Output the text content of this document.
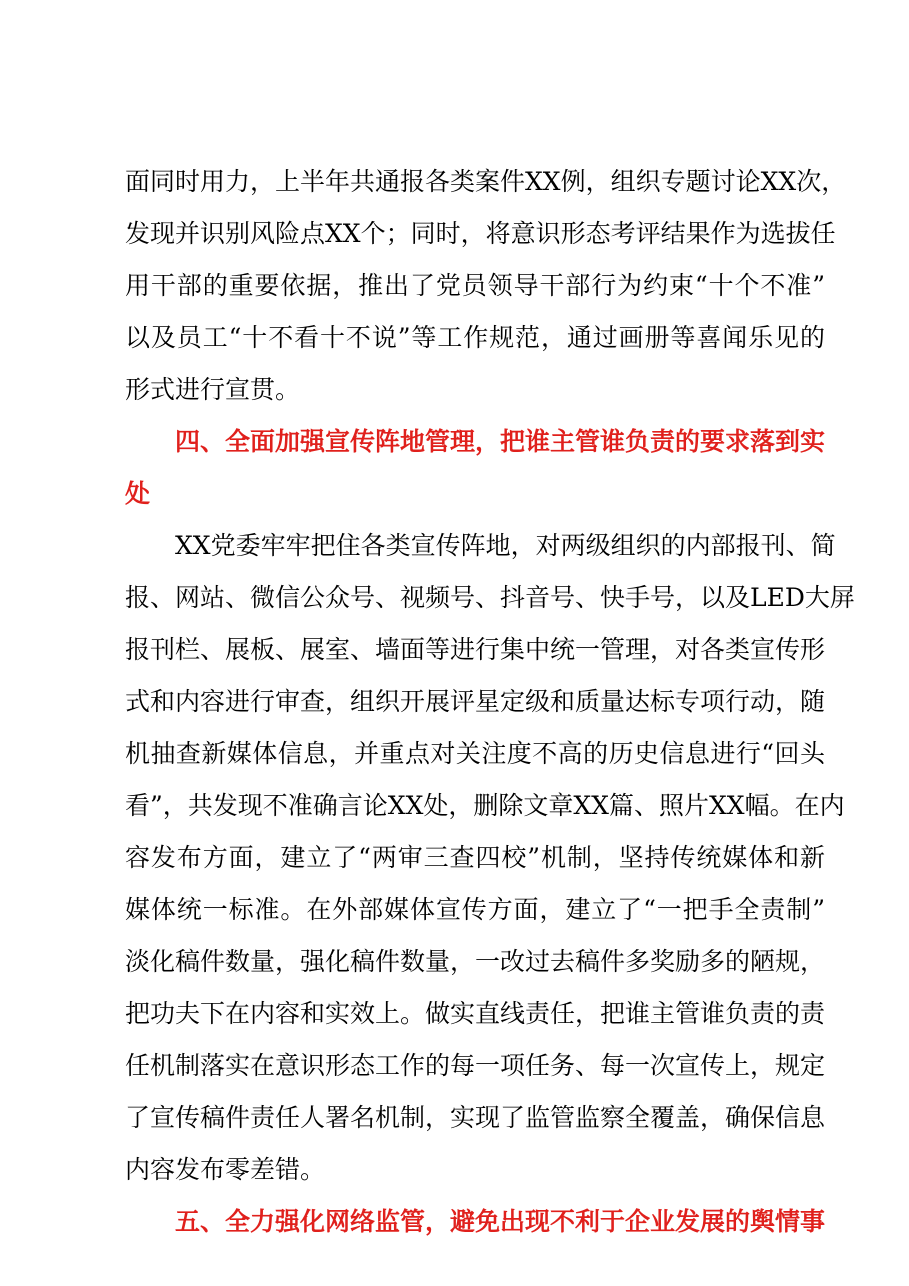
面同时用力，上半年共通报各类案件XX例，组织专题讨论XX次，
发现并识别风险点XX个；同时，将意识形态考评结果作为选拔任
用干部的重要依据，推出了党员领导干部行为约束“十个不准”
以及员工“十不看十不说”等工作规范，通过画册等喜闻乐见的
形式进行宣贯。
四、全面加强宣传阵地管理，把谁主管谁负责的要求落到实
处
XX党委牢牢把住各类宣传阵地，对两级组织的内部报刊、简
报、网站、微信公众号、视频号、抖音号、快手号，以及LED大屏
报刊栏、展板、展室、墙面等进行集中统一管理，对各类宣传形
式和内容进行审查，组织开展评星定级和质量达标专项行动，随
机抽查新媒体信息，并重点对关注度不高的历史信息进行“回头
看”，共发现不准确言论XX处，删除文章XX篇、照片XX幅。在内
容发布方面，建立了“两审三查四校”机制，坚持传统媒体和新
媒体统一标准。在外部媒体宣传方面，建立了“一把手全责制”
淡化稿件数量，强化稿件数量，一改过去稿件多奖励多的陋规，
把功夫下在内容和实效上。做实直线责任，把谁主管谁负责的责
任机制落实在意识形态工作的每一项任务、每一次宣传上，规定
了宣传稿件责任人署名机制，实现了监管监察全覆盖，确保信息
内容发布零差错。
五、全力强化网络监管，避免出现不利于企业发展的舆情事
